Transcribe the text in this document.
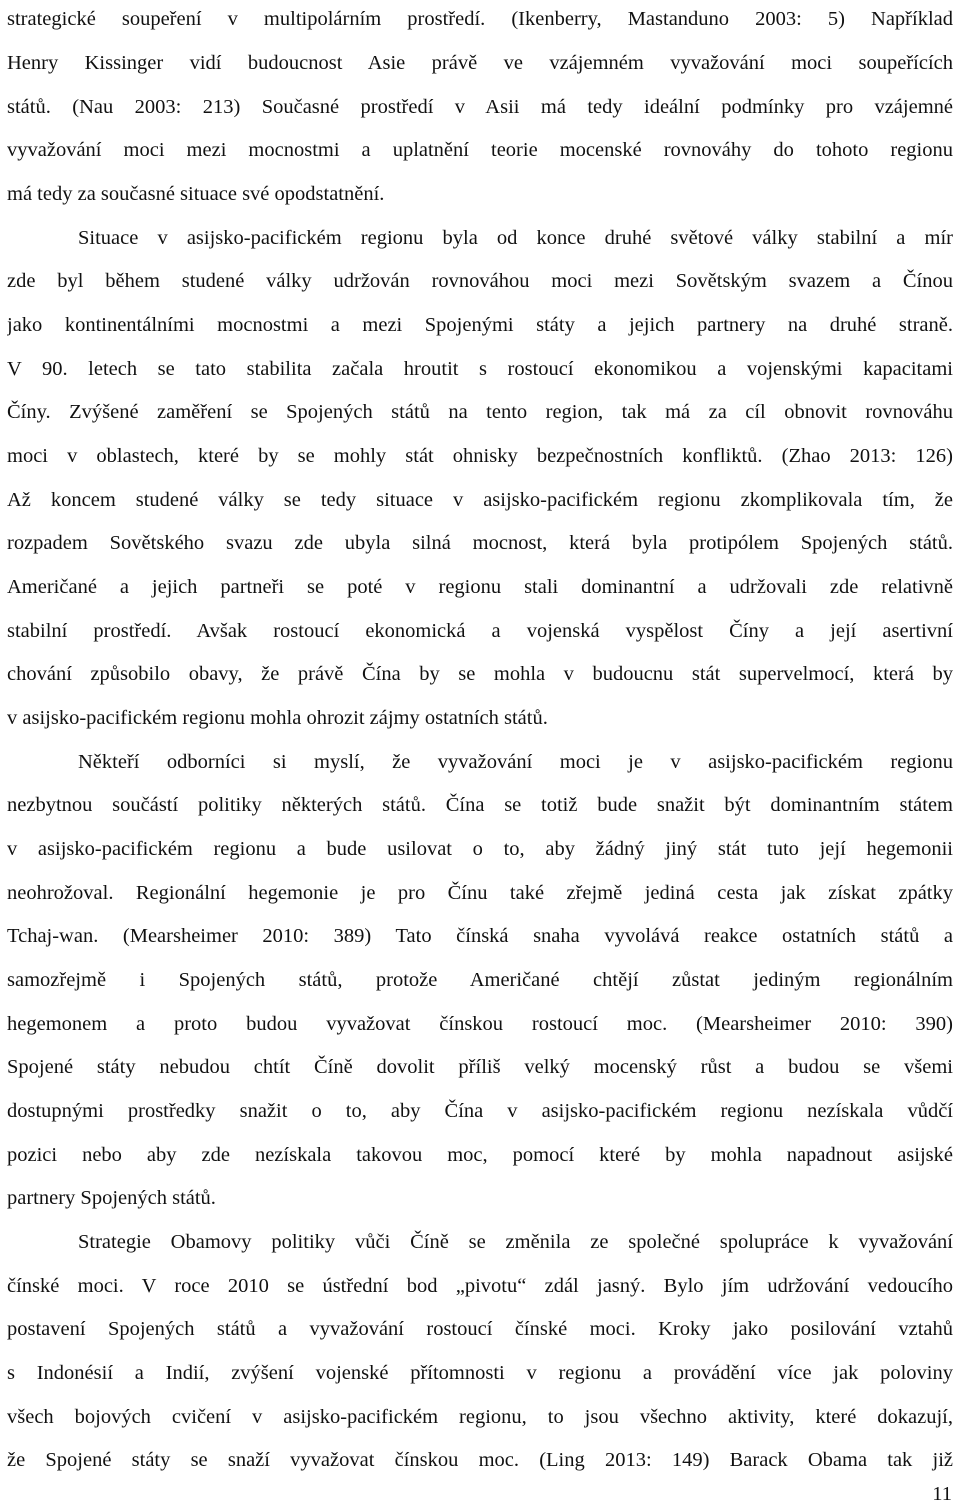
strategické soupeření v multipolárním prostředí. (Ikenberry, Mastanduno 2003: 5) Například
Henry Kissinger vidí budoucnost Asie právě ve vzájemném vyvažování moci soupeřících
států. (Nau 2003: 213) Současné prostředí v Asii má tedy ideální podmínky pro vzájemné
vyvažování moci mezi mocnostmi a uplatnění teorie mocenské rovnováhy do tohoto regionu
má tedy za současné situace své opodstatnění.
Situace v asijsko-pacifickém regionu byla od konce druhé světové války stabilní a mír
zde byl během studené války udržován rovnováhou moci mezi Sovětským svazem a Čínou
jako kontinentálními mocnostmi a mezi Spojenými státy a jejich partnery na druhé straně.
V 90. letech se tato stabilita začala hroutit s rostoucí ekonomikou a vojenskými kapacitami
Číny. Zvýšené zaměření se Spojených států na tento region, tak má za cíl obnovit rovnováhu
moci v oblastech, které by se mohly stát ohnisky bezpečnostních konfliktů. (Zhao 2013: 126)
Až koncem studené války se tedy situace v asijsko-pacifickém regionu zkomplikovala tím, že
rozpadem Sovětského svazu zde ubyla silná mocnost, která byla protipólem Spojených států.
Američané a jejich partneři se poté v regionu stali dominantní a udržovali zde relativně
stabilní prostředí. Avšak rostoucí ekonomická a vojenská vyspělost Číny a její asertivní
chování způsobilo obavy, že právě Čína by se mohla v budoucnu stát supervelmocí, která by
v asijsko-pacifickém regionu mohla ohrozit zájmy ostatních států.
Někteří odborníci si myslí, že vyvažování moci je v asijsko-pacifickém regionu
nezbytnou součástí politiky některých států. Čína se totiž bude snažit být dominantním státem
v asijsko-pacifickém regionu a bude usilovat o to, aby žádný jiný stát tuto její hegemonii
neohrožoval. Regionální hegemonie je pro Čínu také zřejmě jediná cesta jak získat zpátky
Tchaj-wan. (Mearsheimer 2010: 389) Tato čínská snaha vyvolává reakce ostatních států a
samozřejmě i Spojených států, protože Američané chtějí zůstat jediným regionálním
hegemonem a proto budou vyvažovat čínskou rostoucí moc. (Mearsheimer 2010: 390)
Spojené státy nebudou chtít Číně dovolit příliš velký mocenský růst a budou se všemi
dostupnými prostředky snažit o to, aby Čína v asijsko-pacifickém regionu nezískala vůdčí
pozici nebo aby zde nezískala takovou moc, pomocí které by mohla napadnout asijské
partnery Spojených států.
Strategie Obamovy politiky vůči Číně se změnila ze společné spolupráce k vyvažování
čínské moci. V roce 2010 se ústřední bod „pivotu“ zdál jasný. Bylo jím udržování vedoucího
postavení Spojených států a vyvažování rostoucí čínské moci. Kroky jako posilování vztahů
s Indonésií a Indií, zvýšení vojenské přítomnosti v regionu a provádění více jak poloviny
všech bojových cvičení v asijsko-pacifickém regionu, to jsou všechno aktivity, které dokazují,
že Spojené státy se snaží vyvažovat čínskou moc. (Ling 2013: 149) Barack Obama tak již
11
